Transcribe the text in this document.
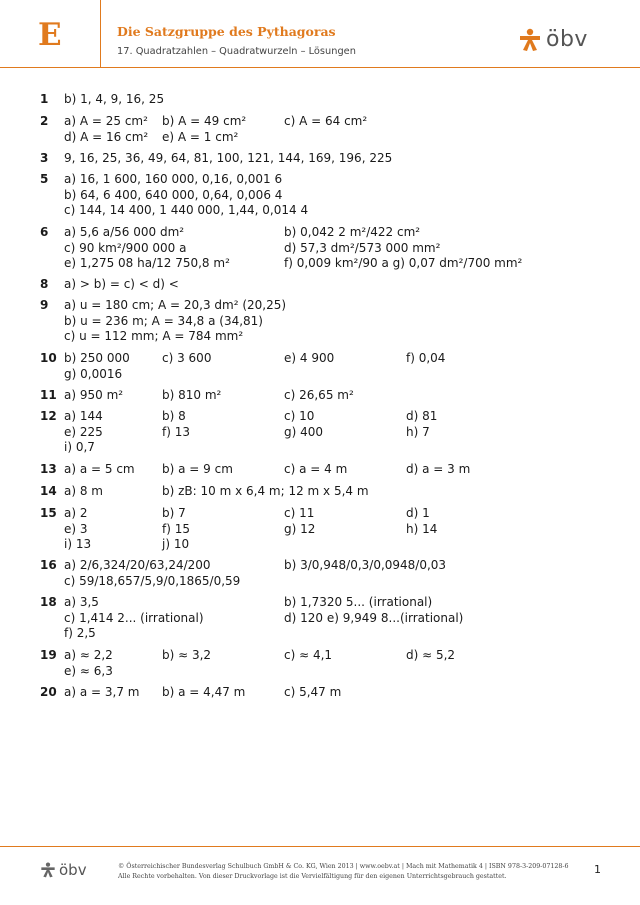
E	Die Satzgruppe des Pythagoras
17. Quadratzahlen – Quadratwurzeln – Lösungen	öbv
1 b) 1, 4, 9, 16, 25
2 a) A = 25 cm² b) A = 49 cm²	c) A = 64 cm²
d) A = 16 cm² e) A = 1 cm²
3 9, 16, 25, 36, 49, 64, 81, 100, 121, 144, 169, 196, 225
5 a) 16, 1 600, 160 000, 0,16, 0,001 6
b) 64, 6 400, 640 000, 0,64, 0,006 4
c) 144, 14 400, 1 440 000, 1,44, 0,014 4
6 a) 5,6 a/56 000 dm²	b) 0,042 2 m²/422 cm²
c) 90 km²/900 000 a	d) 57,3 dm²/573 000 mm²
e) 1,275 08 ha/12 750,8 m²	f) 0,009 km²/90 a g) 0,07 dm²/700 mm²
8 a) > b) = c) < d) <
9 a) u = 180 cm; A = 20,3 dm² (20,25)
b) u = 236 m; A = 34,8 a (34,81)
c) u = 112 mm; A = 784 mm²
10 b) 250 000	c) 3 600	e) 4 900	f) 0,04
g) 0,0016
11 a) 950 m²	b) 810 m²	c) 26,65 m²
12 a) 144	b) 8	c) 10	d) 81
e) 225	f) 13	g) 400	h) 7
i) 0,7
13 a) a = 5 cm b) a = 9 cm	c) a = 4 m	d) a = 3 m
14 a) 8 m	b) zB: 10 m x 6,4 m; 12 m x 5,4 m
15 a) 2	b) 7	c) 11	d) 1
e) 3	f) 15	g) 12	h) 14
i) 13	j) 10
16 a) 2/6,324/20/63,24/200	b) 3/0,948/0,3/0,0948/0,03
c) 59/18,657/5,9/0,1865/0,59
18 a) 3,5	b) 1,7320 5... (irrational)
c) 1,414 2... (irrational)	d) 120 e) 9,949 8...(irrational)
f) 2,5
19 a) ≈ 2,2	b) ≈ 3,2	c) ≈ 4,1	d) ≈ 5,2
e) ≈ 6,3
20 a) a = 3,7 m b) a = 4,47 m	c) 5,47 m
öbv	© Österreichischer Bundesverlag Schulbuch GmbH & Co. KG, Wien 2013 | www.oebv.at | Mach mit Mathematik 4 | ISBN 978-3-209-07128-6
Alle Rechte vorbehalten. Von dieser Druckvorlage ist die Vervielfältigung für den eigenen Unterrichtsgebrauch gestattet.	1
